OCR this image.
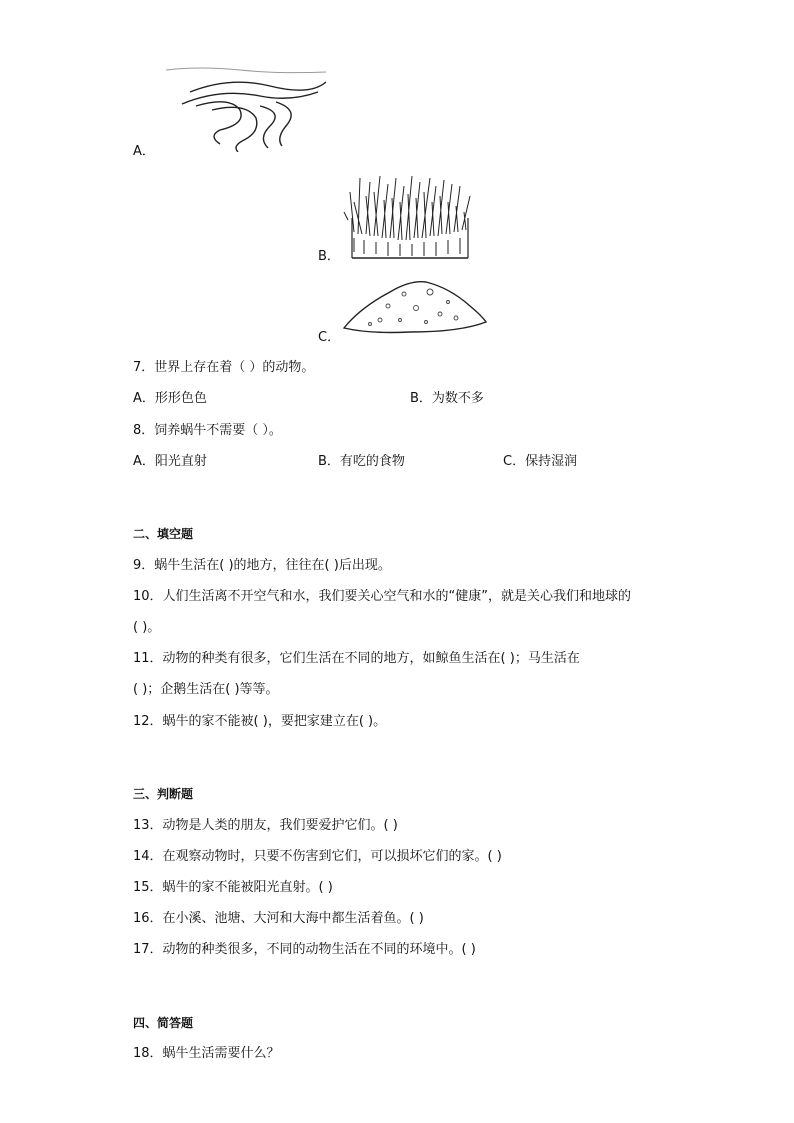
A．
B．
C．
7．世界上存在着（ ）的动物。
A．形形色色	B．为数不多
8．饲养蜗牛不需要（ ）。
A．阳光直射	B．有吃的食物	C．保持湿润
二、填空题
9．蜗牛生活在( )的地方，往往在( )后出现。
10．人们生活离不开空气和水，我们要关心空气和水的“健康”，就是关心我们和地球的
( )。
11．动物的种类有很多，它们生活在不同的地方，如鲸鱼生活在( )；马生活在
( )；企鹅生活在( )等等。
12．蜗牛的家不能被( )，要把家建立在( )。
三、判断题
13．动物是人类的朋友，我们要爱护它们。( )
14．在观察动物时，只要不伤害到它们，可以损坏它们的家。( )
15．蜗牛的家不能被阳光直射。( )
16．在小溪、池塘、大河和大海中都生活着鱼。( )
17．动物的种类很多，不同的动物生活在不同的环境中。( )
四、简答题
18．蜗牛生活需要什么？
